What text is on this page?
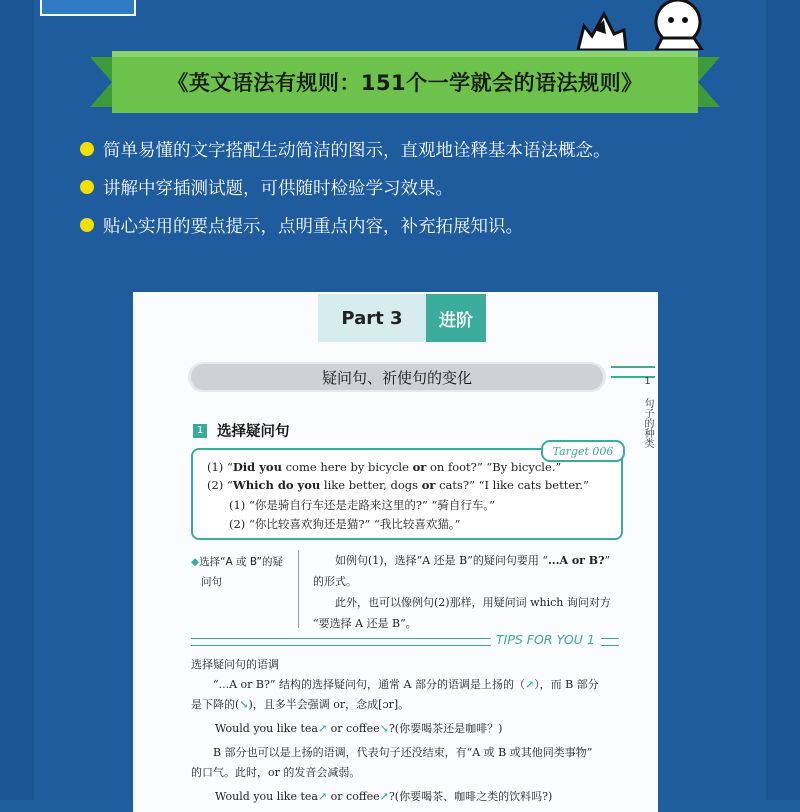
《英文语法有规则：151个一学就会的语法规则》
简单易懂的文字搭配生动简洁的图示，直观地诠释基本语法概念。
讲解中穿插测试题，可供随时检验学习效果。
贴心实用的要点提示，点明重点内容，补充拓展知识。
Part 3	进阶
疑问句、祈使句的变化	1 句子的种类
1 选择疑问句
Target 006
(1) “Did you come here by bicycle or on foot?” “By bicycle.”
(2) “Which do you like better, dogs or cats?” “I like cats better.”
(1) “你是骑自行车还是走路来这里的?” “骑自行车。”
(2) “你比较喜欢狗还是猫?” “我比较喜欢猫。”
◆选择“A 或 B”的疑
问句
如例句(1)，选择“A 还是 B”的疑问句要用 “...A or B?”
的形式。
此外，也可以像例句(2)那样，用疑问词 which 询问对方
“要选择 A 还是 B”。
TIPS FOR YOU 1
选择疑问句的语调
“...A or B?” 结构的选择疑问句，通常 A 部分的语调是上扬的（↗），而 B 部分
是下降的(↘)，且多半会强调 or，念成[ɔr]。
Would you like tea↗ or coffee↘?(你要喝茶还是咖啡？)
B 部分也可以是上扬的语调，代表句子还没结束，有“A 或 B 或其他同类事物”
的口气。此时，or 的发音会减弱。
Would you like tea↗ or coffee↗?(你要喝茶、咖啡之类的饮料吗?)
